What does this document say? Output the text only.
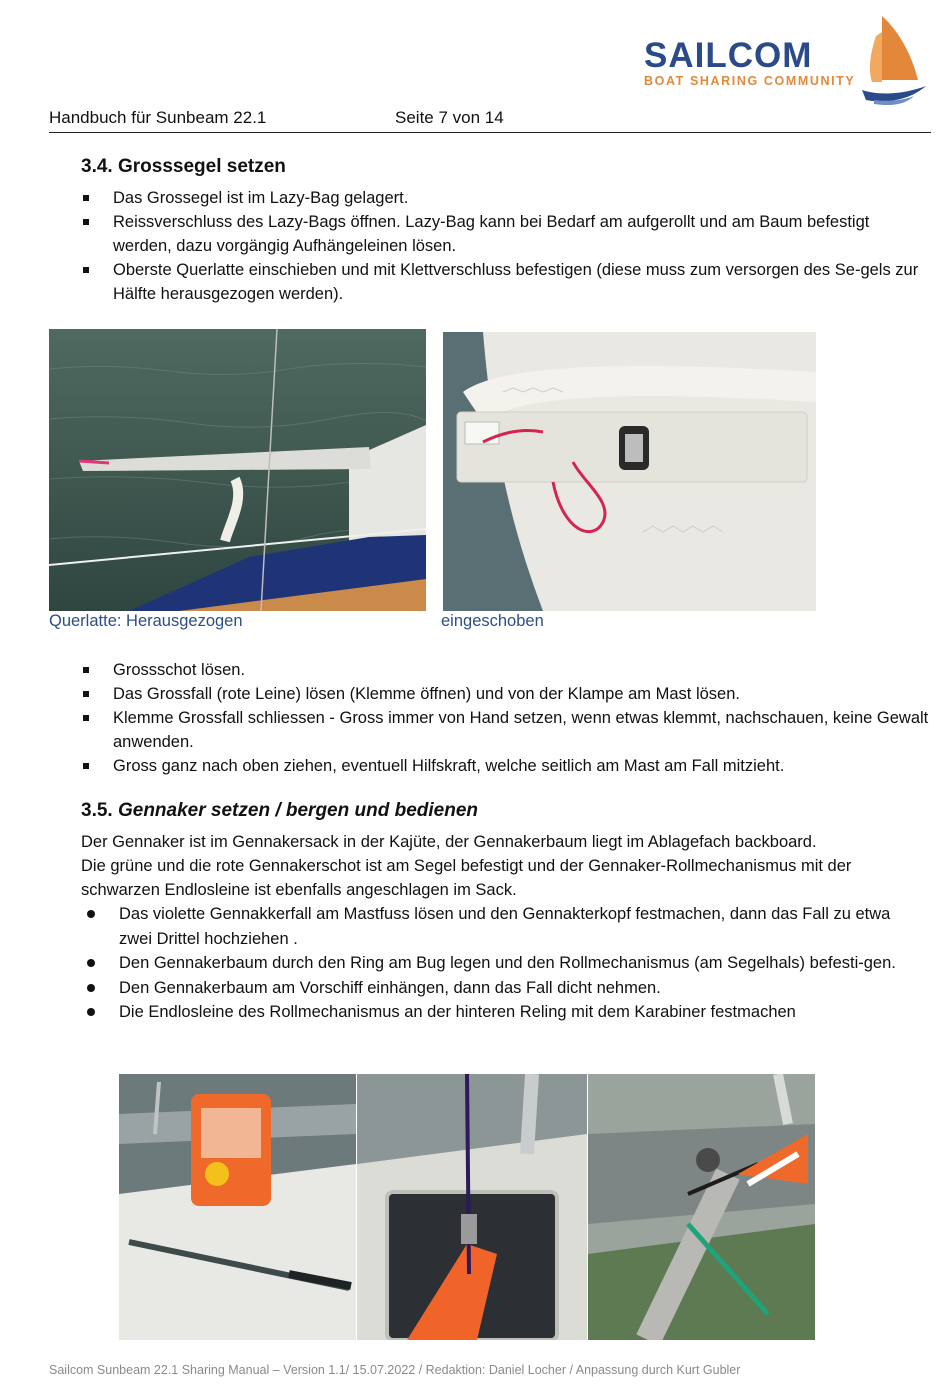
SAILCOM
BOAT SHARING COMMUNITY
Handbuch für Sunbeam 22.1	Seite 7 von 14
3.4. Grosssegel setzen
Das Grossegel ist im Lazy-Bag gelagert.
Reissverschluss des Lazy-Bags öffnen. Lazy-Bag kann bei Bedarf am aufgerollt und am Baum befestigt werden, dazu vorgängig Aufhängeleinen lösen.
Oberste Querlatte einschieben und mit Klettverschluss befestigen (diese muss zum versorgen des Se-gels zur Hälfte herausgezogen werden).
Querlatte: Herausgezogen	eingeschoben
Grossschot lösen.
Das Grossfall (rote Leine) lösen (Klemme öffnen) und von der Klampe am Mast lösen.
Klemme Grossfall schliessen - Gross immer von Hand setzen, wenn etwas klemmt, nachschauen, keine Gewalt anwenden.
Gross ganz nach oben ziehen, eventuell Hilfskraft, welche seitlich am Mast am Fall mitzieht.
3.5. Gennaker setzen / bergen und bedienen

Der Gennaker ist im Gennakersack in der Kajüte, der Gennakerbaum liegt im Ablagefach backboard.

Die grüne und die rote Gennakerschot ist am Segel befestigt und der Gennaker-Rollmechanismus mit der schwarzen Endlosleine ist ebenfalls angeschlagen im Sack.

Das violette Gennakkerfall am Mastfuss lösen und den Gennakterkopf festmachen, dann das Fall zu etwa zwei Drittel hochziehen .
Den Gennakerbaum durch den Ring am Bug legen und den Rollmechanismus (am Segelhals) befesti-gen.
Den Gennakerbaum am Vorschiff einhängen, dann das Fall dicht nehmen.
Die Endlosleine des Rollmechanismus an der hinteren Reling mit dem Karabiner festmachen
Sailcom Sunbeam 22.1 Sharing Manual – Version 1.1/ 15.07.2022 / Redaktion: Daniel Locher / Anpassung durch Kurt Gubler
